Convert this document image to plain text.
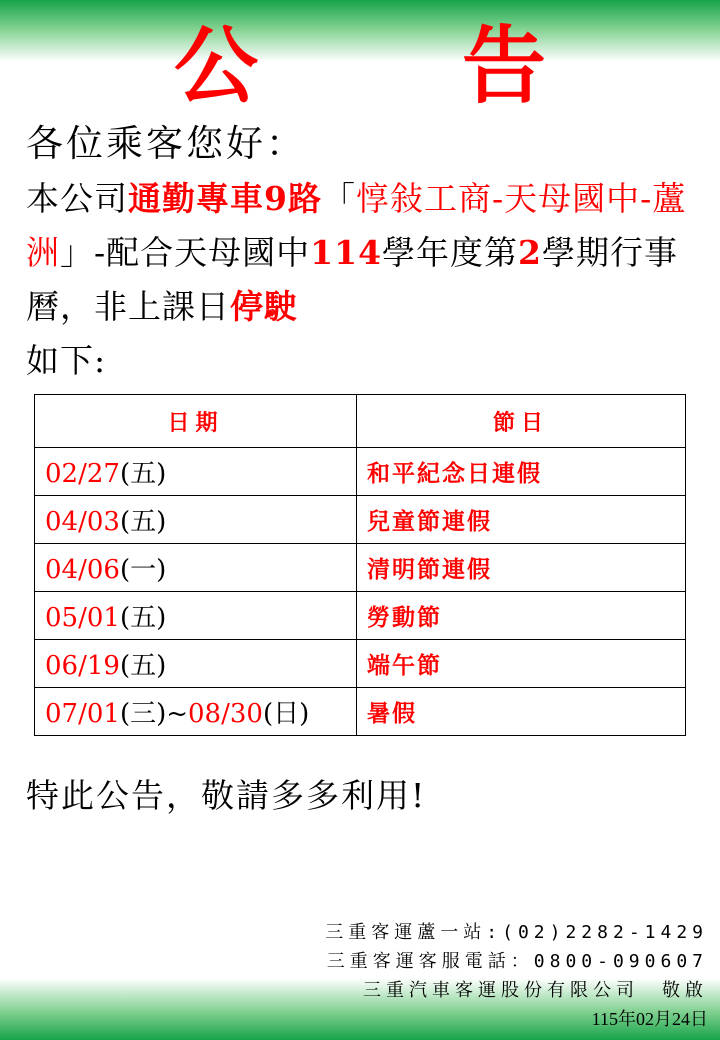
公　告
各位乘客您好：
本公司通勤專車9路「惇敍工商-天母國中-蘆洲」-配合天母國中114學年度第2學期行事曆，非上課日停駛
如下:
日期	節日
02/27(五)	和平紀念日連假
04/03(五)	兒童節連假
04/06(一)	清明節連假
05/01(五)	勞動節
06/19(五)	端午節
07/01(三)~08/30(日)	暑假
特此公告，敬請多多利用!
三重客運蘆一站:(02)2282-1429
三重客運客服電話：0800-090607
三重汽車客運股份有限公司　敬啟
115年02月24日
